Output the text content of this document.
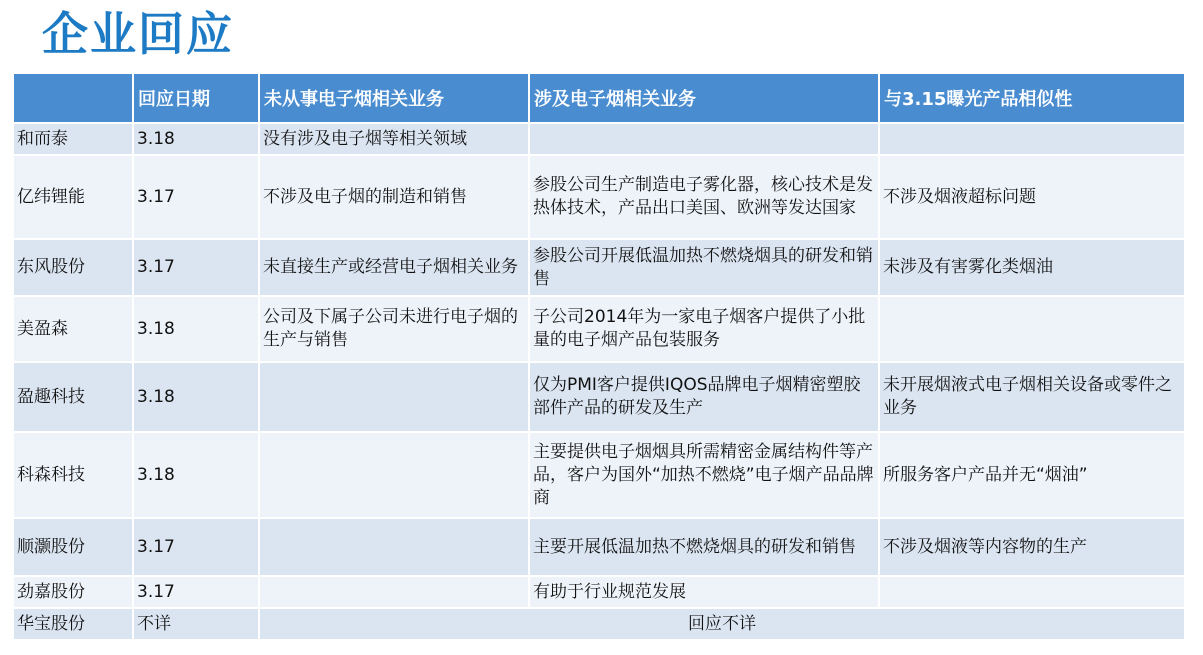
企业回应
	回应日期	未从事电子烟相关业务	涉及电子烟相关业务	与3.15曝光产品相似性
和而泰	3.18	没有涉及电子烟等相关领域		
亿纬锂能	3.17	不涉及电子烟的制造和销售	参股公司生产制造电子雾化器，核心技术是发热体技术，产品出口美国、欧洲等发达国家	不涉及烟液超标问题
东风股份	3.17	未直接生产或经营电子烟相关业务	参股公司开展低温加热不燃烧烟具的研发和销售	未涉及有害雾化类烟油
美盈森	3.18	公司及下属子公司未进行电子烟的生产与销售	子公司2014年为一家电子烟客户提供了小批量的电子烟产品包装服务	
盈趣科技	3.18		仅为PMI客户提供IQOS品牌电子烟精密塑胶部件产品的研发及生产	未开展烟液式电子烟相关设备或零件之业务
科森科技	3.18		主要提供电子烟烟具所需精密金属结构件等产品，客户为国外“加热不燃烧”电子烟产品品牌商	所服务客户产品并无“烟油”
顺灏股份	3.17		主要开展低温加热不燃烧烟具的研发和销售	不涉及烟液等内容物的生产
劲嘉股份	3.17		有助于行业规范发展	
华宝股份	不详	回应不详		
